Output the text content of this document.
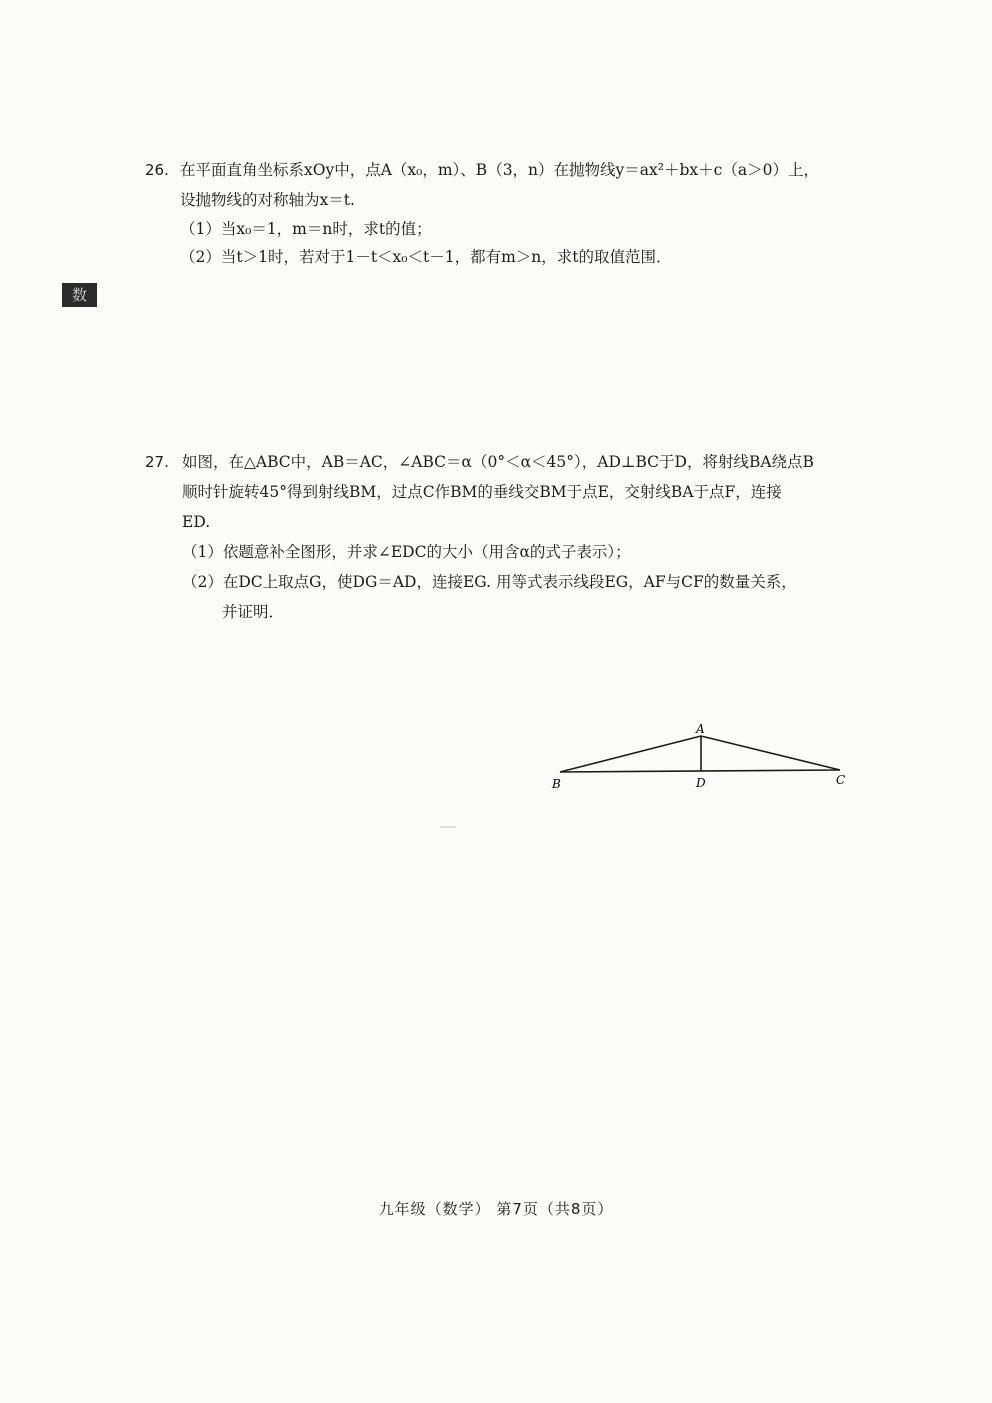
数
26. 在平面直角坐标系xOy中，点A（x₀，m）、B（3，n）在抛物线y＝ax²＋bx＋c（a＞0）上，
设抛物线的对称轴为x＝t.
（1）当x₀＝1，m＝n时，求t的值；
（2）当t＞1时，若对于1－t＜x₀＜t－1，都有m＞n，求t的取值范围．
27. 如图，在△ABC中，AB＝AC，∠ABC＝α（0°＜α＜45°），AD⊥BC于D，将射线BA绕点B
顺时针旋转45°得到射线BM，过点C作BM的垂线交BM于点E，交射线BA于点F，连接
ED.
（1）依题意补全图形，并求∠EDC的大小（用含α的式子表示）；
（2）在DC上取点G，使DG＝AD，连接EG. 用等式表示线段EG，AF与CF的数量关系，
并证明．
A
B	C
D
九年级（数学） 第7页（共8页）
